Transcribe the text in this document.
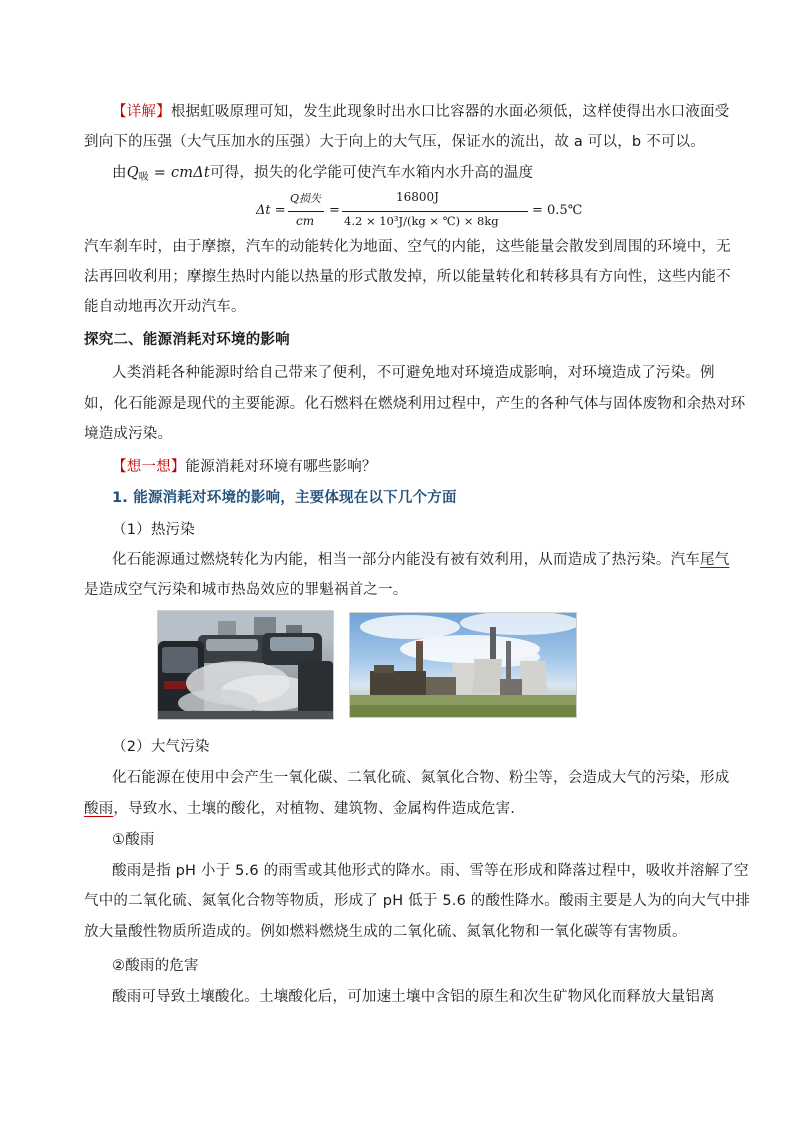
【详解】根据虹吸原理可知，发生此现象时出水口比容器的水面必须低，这样使得出水口液面受
到向下的压强（大气压加水的压强）大于向上的大气压，保证水的流出，故 a 可以，b 不可以。
由$Q_吸 = cm\Delta t$可得，损失的化学能可使汽车水箱内水升高的温度
Δt =
Q损失
cm
=
16800J
4.2 × 10³J/(kg × ℃) × 8kg
= 0.5℃
汽车刹车时，由于摩擦，汽车的动能转化为地面、空气的内能，这些能量会散发到周围的环境中，无
法再回收利用；摩擦生热时内能以热量的形式散发掉，所以能量转化和转移具有方向性，这些内能不
能自动地再次开动汽车。
探究二、能源消耗对环境的影响
人类消耗各种能源时给自己带来了便利，不可避免地对环境造成影响，对环境造成了污染。例
如，化石能源是现代的主要能源。化石燃料在燃烧利用过程中，产生的各种气体与固体废物和余热对环
境造成污染。
【想一想】能源消耗对环境有哪些影响？
1. 能源消耗对环境的影响，主要体现在以下几个方面
（1）热污染
化石能源通过燃烧转化为内能，相当一部分内能没有被有效利用，从而造成了热污染。汽车尾气
是造成空气污染和城市热岛效应的罪魁祸首之一。
（2）大气污染
化石能源在使用中会产生一氧化碳、二氧化硫、氮氧化合物、粉尘等，会造成大气的污染，形成
酸雨，导致水、土壤的酸化，对植物、建筑物、金属构件造成危害.
①酸雨
酸雨是指 pH 小于 5.6 的雨雪或其他形式的降水。雨、雪等在形成和降落过程中，吸收并溶解了空
气中的二氧化硫、氮氧化合物等物质，形成了 pH 低于 5.6 的酸性降水。酸雨主要是人为的向大气中排
放大量酸性物质所造成的。例如燃料燃烧生成的二氧化硫、氮氧化物和一氧化碳等有害物质。
②酸雨的危害
酸雨可导致土壤酸化。土壤酸化后，可加速土壤中含铝的原生和次生矿物风化而释放大量铝离
